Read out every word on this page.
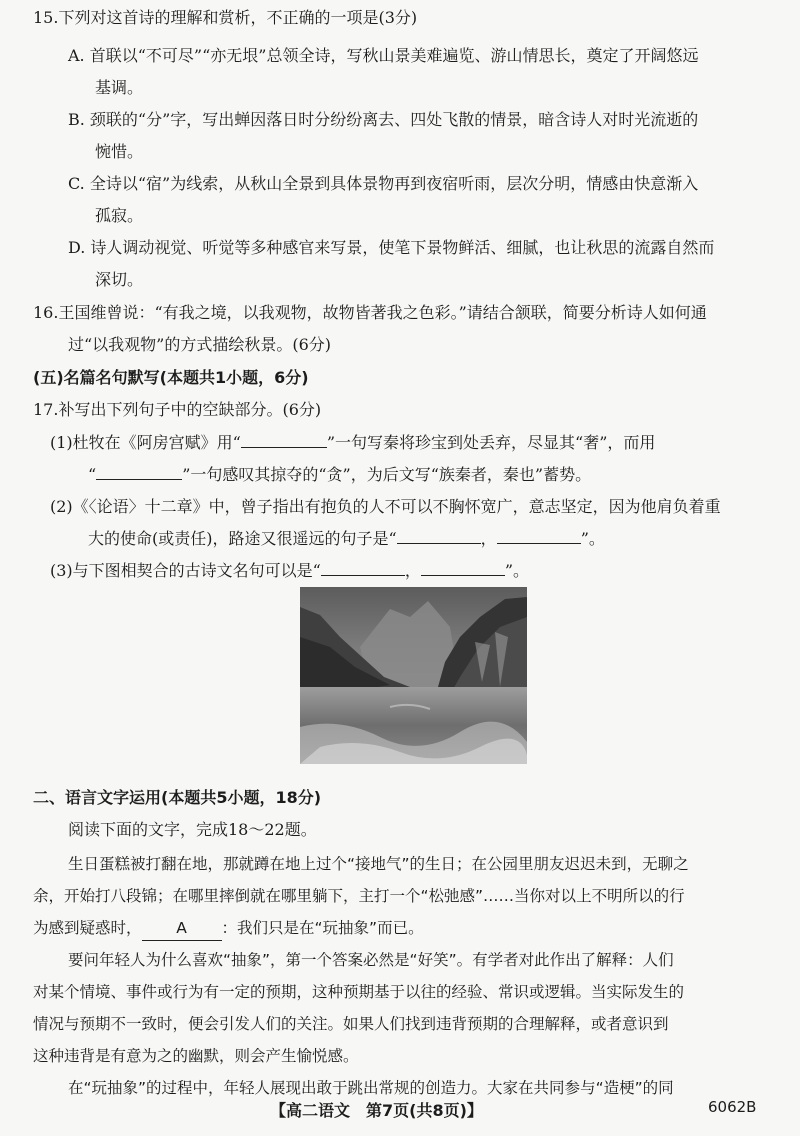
15.下列对这首诗的理解和赏析，不正确的一项是(3分)
A. 首联以“不可尽”“亦无垠”总领全诗，写秋山景美难遍览、游山情思长，奠定了开阔悠远
基调。
B. 颈联的“分”字，写出蝉因落日时分纷纷离去、四处飞散的情景，暗含诗人对时光流逝的
惋惜。
C. 全诗以“宿”为线索，从秋山全景到具体景物再到夜宿听雨，层次分明，情感由快意渐入
孤寂。
D. 诗人调动视觉、听觉等多种感官来写景，使笔下景物鲜活、细腻，也让秋思的流露自然而
深切。
16.王国维曾说：“有我之境，以我观物，故物皆著我之色彩。”请结合颔联，简要分析诗人如何通
过“以我观物”的方式描绘秋景。(6分)
(五)名篇名句默写(本题共1小题，6分)
17.补写出下列句子中的空缺部分。(6分)
(1)杜牧在《阿房宫赋》用“	”一句写秦将珍宝到处丢弃，尽显其“奢”，而用
“	”一句感叹其掠夺的“贪”，为后文写“族秦者，秦也”蓄势。
(2)《〈论语〉十二章》中，曾子指出有抱负的人不可以不胸怀宽广，意志坚定，因为他肩负着重
大的使命(或责任)，路途又很遥远的句子是“	，	”。
(3)与下图相契合的古诗文名句可以是“	，	”。
二、语言文字运用(本题共5小题，18分)
阅读下面的文字，完成18～22题。
生日蛋糕被打翻在地，那就蹲在地上过个“接地气”的生日；在公园里朋友迟迟未到，无聊之
余，开始打八段锦；在哪里摔倒就在哪里躺下，主打一个“松弛感”……当你对以上不明所以的行
为感到疑惑时， A ：我们只是在“玩抽象”而已。
要问年轻人为什么喜欢“抽象”，第一个答案必然是“好笑”。有学者对此作出了解释：人们
对某个情境、事件或行为有一定的预期，这种预期基于以往的经验、常识或逻辑。当实际发生的
情况与预期不一致时，便会引发人们的关注。如果人们找到违背预期的合理解释，或者意识到
这种违背是有意为之的幽默，则会产生愉悦感。
在“玩抽象”的过程中，年轻人展现出敢于跳出常规的创造力。大家在共同参与“造梗”的同
【高二语文　第7页(共8页)】	6062B
